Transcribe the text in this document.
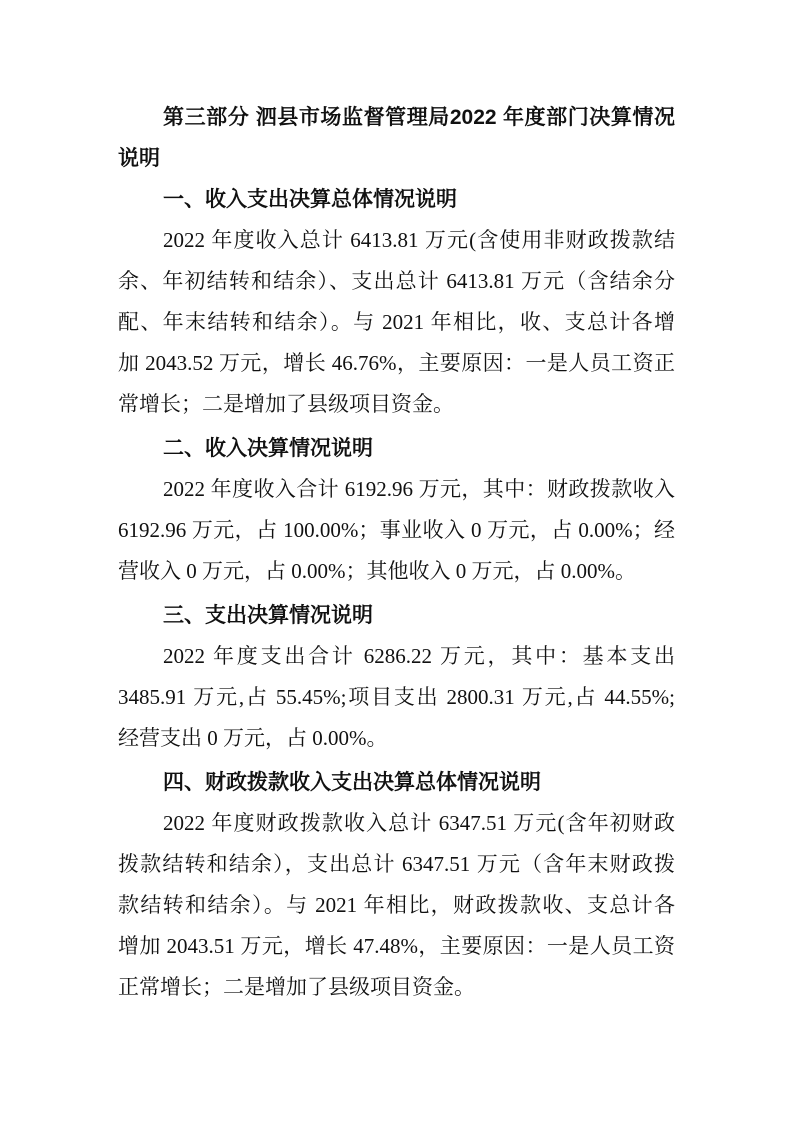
第三部分 泗县市场监督管理局2022 年度部门决算情况
说明
一、收入支出决算总体情况说明
2022 年度收入总计 6413.81 万元(含使用非财政拨款结
余、年初结转和结余）、支出总计 6413.81 万元（含结余分
配、年末结转和结余）。与 2021 年相比，收、支总计各增
加 2043.52 万元，增长 46.76%，主要原因：一是人员工资正
常增长；二是增加了县级项目资金。
二、收入决算情况说明
2022 年度收入合计 6192.96 万元，其中：财政拨款收入
6192.96 万元，占 100.00%；事业收入 0 万元，占 0.00%；经
营收入 0 万元，占 0.00%；其他收入 0 万元，占 0.00%。
三、支出决算情况说明
2022 年度支出合计 6286.22 万元，其中：基本支出
3485.91 万元,占 55.45%;项目支出 2800.31 万元,占 44.55%;
经营支出 0 万元，占 0.00%。
四、财政拨款收入支出决算总体情况说明
2022 年度财政拨款收入总计 6347.51 万元(含年初财政
拨款结转和结余），支出总计 6347.51 万元（含年末财政拨
款结转和结余）。与 2021 年相比，财政拨款收、支总计各
增加 2043.51 万元，增长 47.48%，主要原因：一是人员工资
正常增长；二是增加了县级项目资金。
